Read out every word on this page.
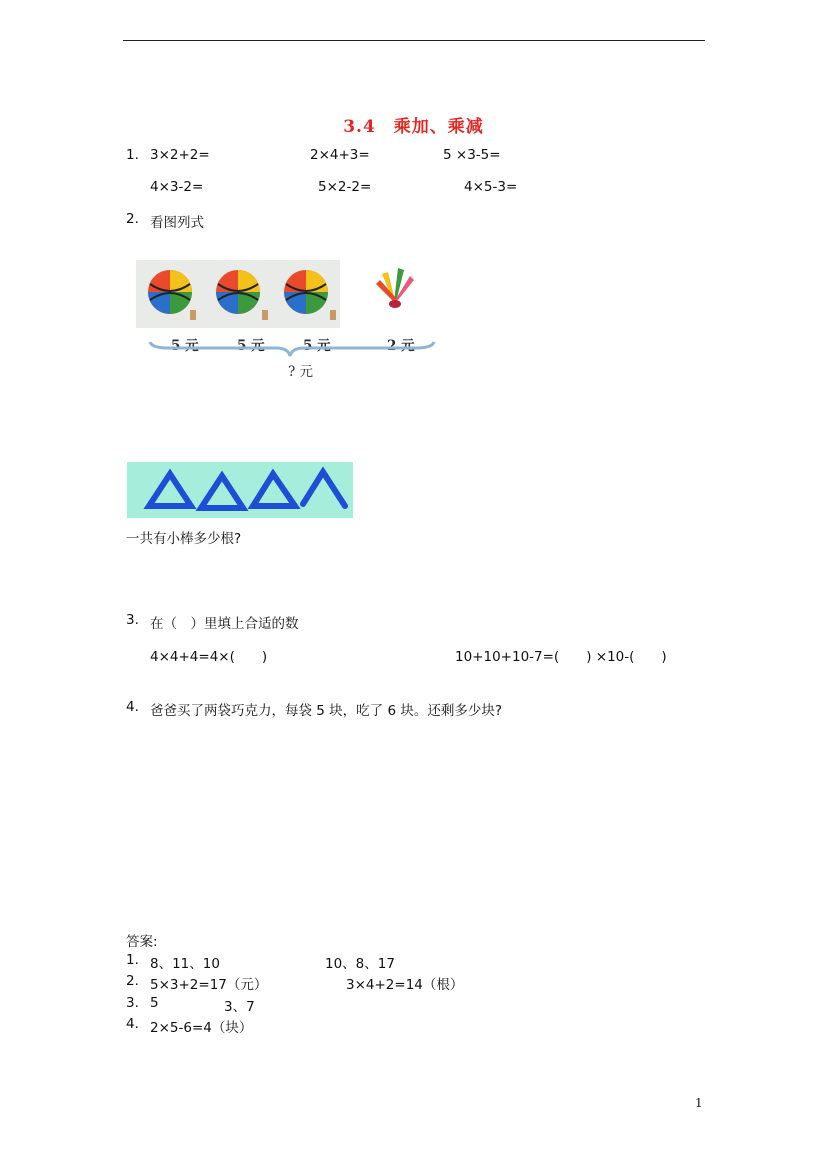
3.4　乘加、乘减
1. 3×2+2=	2×4+3=	5 ×3-5=
4×3-2=	5×2-2=	4×5-3=
2. 看图列式
5 元	5 元	5 元	2 元
? 元
一共有小棒多少根?
3. 在（　）里填上合适的数
4×4+4=4×(　　)	10+10+10-7=(　　) ×10-(　　)
4. 爸爸买了两袋巧克力，每袋 5 块，吃了 6 块。还剩多少块?
答案:
1. 8、11、10	10、8、17
2. 5×3+2=17（元）	3×4+2=14（根）
3. 5	3、7
4. 2×5-6=4（块）
1
